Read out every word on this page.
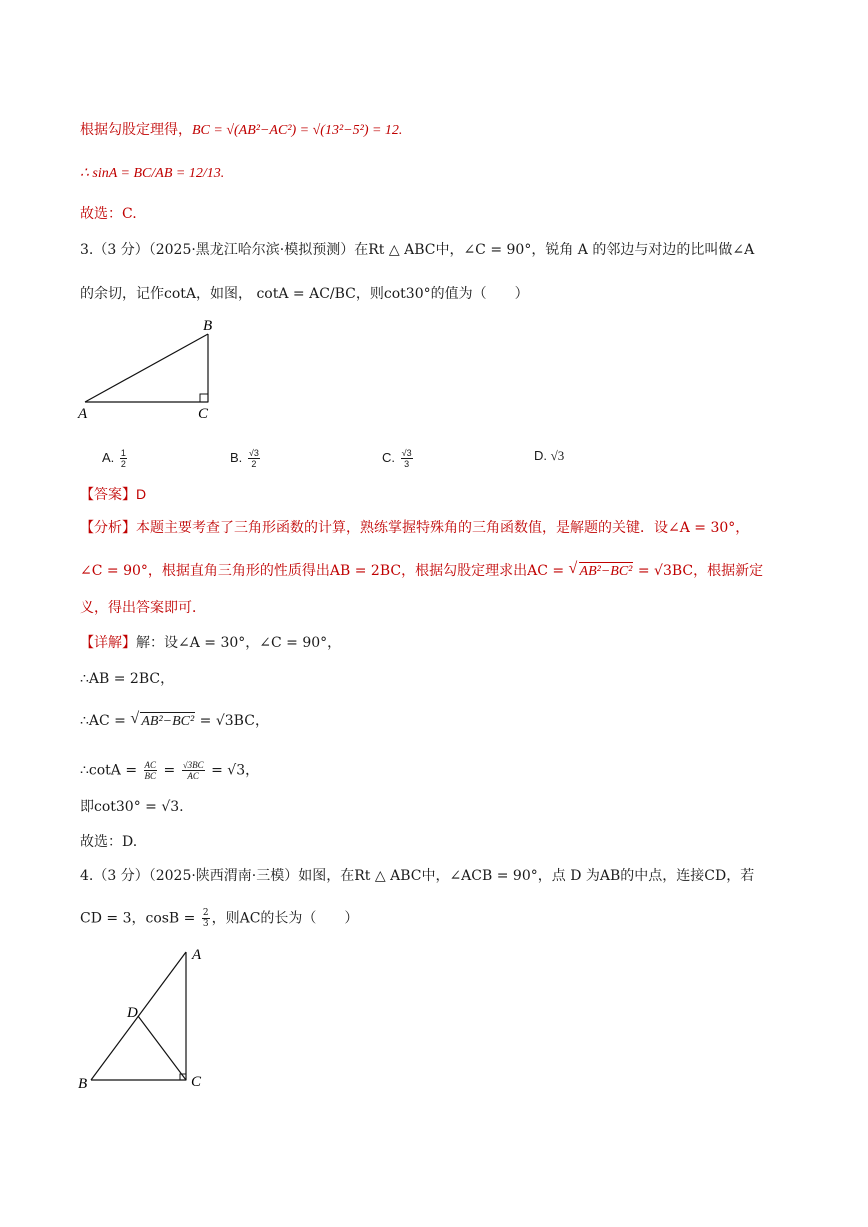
根据勾股定理得，BC = √(AB²−AC²) = √(13²−5²) = 12.
∴ sinA = BC/AB = 12/13.
故选：C.
3.（3 分）（2025·黑龙江哈尔滨·模拟预测）在Rt △ ABC中，∠C = 90°，锐角 A 的邻边与对边的比叫做∠A
的余切，记作cotA，如图， cotA = AC/BC，则cot30°的值为（　　）
A
B
C
A. $\frac{1}{2}$	B. $\frac{√3}{2}$	C. $\frac{√3}{3}$	D. √3
【答案】D
【分析】本题主要考查了三角形函数的计算，熟练掌握特殊角的三角函数值，是解题的关键．设∠A = 30°，
∠C = 90°，根据直角三角形的性质得出AB = 2BC，根据勾股定理求出AC = √ AB²−BC² = √3BC，根据新定
义，得出答案即可．
【详解】解：设∠A = 30°，∠C = 90°，
∴AB = 2BC，
∴AC = √ AB²−BC² = √3BC，
∴cotA = $\frac{AC}{BC} = \frac{√3BC}{AC} = √3$，
即cot30° = √3.
故选：D.
4.（3 分）（2025·陕西渭南·三模）如图，在Rt △ ABC中，∠ACB = 90°，点 D 为AB的中点，连接CD，若
CD = 3，$\cos B = \frac{2}{3}$ ，则AC的长为（　　）
A
B	C
D
